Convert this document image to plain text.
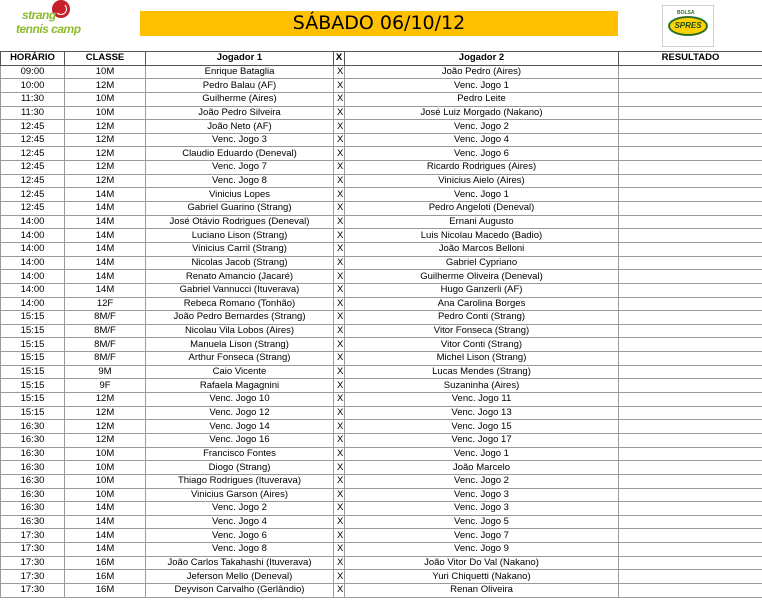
strang
tennis camp	SÁBADO 06/10/12	BOLSA
SPRES
HORÁRIO	CLASSE	Jogador 1	X	Jogador 2	RESULTADO
09:00	10M	Enrique Bataglia	X	João Pedro (Aires)	
10:00	12M	Pedro Balau (AF)	X	Venc. Jogo 1	
11:30	10M	Guilherme (Aires)	X	Pedro Leite	
11:30	10M	João Pedro Silveira	X	José Luiz Morgado (Nakano)	
12:45	12M	João Neto (AF)	X	Venc. Jogo 2	
12:45	12M	Venc. Jogo 3	X	Venc. Jogo 4	
12:45	12M	Claudio Eduardo (Deneval)	X	Venc. Jogo 6	
12:45	12M	Venc. Jogo 7	X	Ricardo Rodrigues (Aires)	
12:45	12M	Venc. Jogo 8	X	Vinicius Aielo (Aires)	
12:45	14M	Vinicius Lopes	X	Venc. Jogo 1	
12:45	14M	Gabriel Guarino (Strang)	X	Pedro Angeloti (Deneval)	
14:00	14M	José Otávio Rodrigues (Deneval)	X	Ernani Augusto	
14:00	14M	Luciano Lison (Strang)	X	Luis Nicolau Macedo (Badio)	
14:00	14M	Vinicius Carril (Strang)	X	João Marcos Belloni	
14:00	14M	Nicolas Jacob (Strang)	X	Gabriel Cypriano	
14:00	14M	Renato Amancio (Jacaré)	X	Guilherme Oliveira (Deneval)	
14:00	14M	Gabriel Vannucci (Ituverava)	X	Hugo Ganzerli (AF)	
14:00	12F	Rebeca Romano (Tonhão)	X	Ana Carolina Borges	
15:15	8M/F	João Pedro Bernardes (Strang)	X	Pedro Conti (Strang)	
15:15	8M/F	Nicolau Vila Lobos (Aires)	X	Vitor Fonseca (Strang)	
15:15	8M/F	Manuela Lison (Strang)	X	Vitor Conti (Strang)	
15:15	8M/F	Arthur Fonseca (Strang)	X	Michel Lison (Strang)	
15:15	9M	Caio Vicente	X	Lucas Mendes (Strang)	
15:15	9F	Rafaela Magagnini	X	Suzaninha (Aires)	
15:15	12M	Venc. Jogo 10	X	Venc. Jogo 11	
15:15	12M	Venc. Jogo 12	X	Venc. Jogo 13	
16:30	12M	Venc. Jogo 14	X	Venc. Jogo 15	
16:30	12M	Venc. Jogo 16	X	Venc. Jogo 17	
16:30	10M	Francisco Fontes	X	Venc. Jogo 1	
16:30	10M	Diogo (Strang)	X	João Marcelo	
16:30	10M	Thiago Rodrigues (Ituverava)	X	Venc. Jogo 2	
16:30	10M	Vinicius Garson (Aires)	X	Venc. Jogo 3	
16:30	14M	Venc. Jogo 2	X	Venc. Jogo 3	
16:30	14M	Venc. Jogo 4	X	Venc. Jogo 5	
17:30	14M	Venc. Jogo 6	X	Venc. Jogo 7	
17:30	14M	Venc. Jogo 8	X	Venc. Jogo 9	
17:30	16M	João Carlos Takahashi (Ituverava)	X	João Vitor Do Val (Nakano)	
17:30	16M	Jeferson Mello (Deneval)	X	Yuri Chiquetti (Nakano)	
17:30	16M	Deyvison Carvalho (Gerlândio)	X	Renan Oliveira	
